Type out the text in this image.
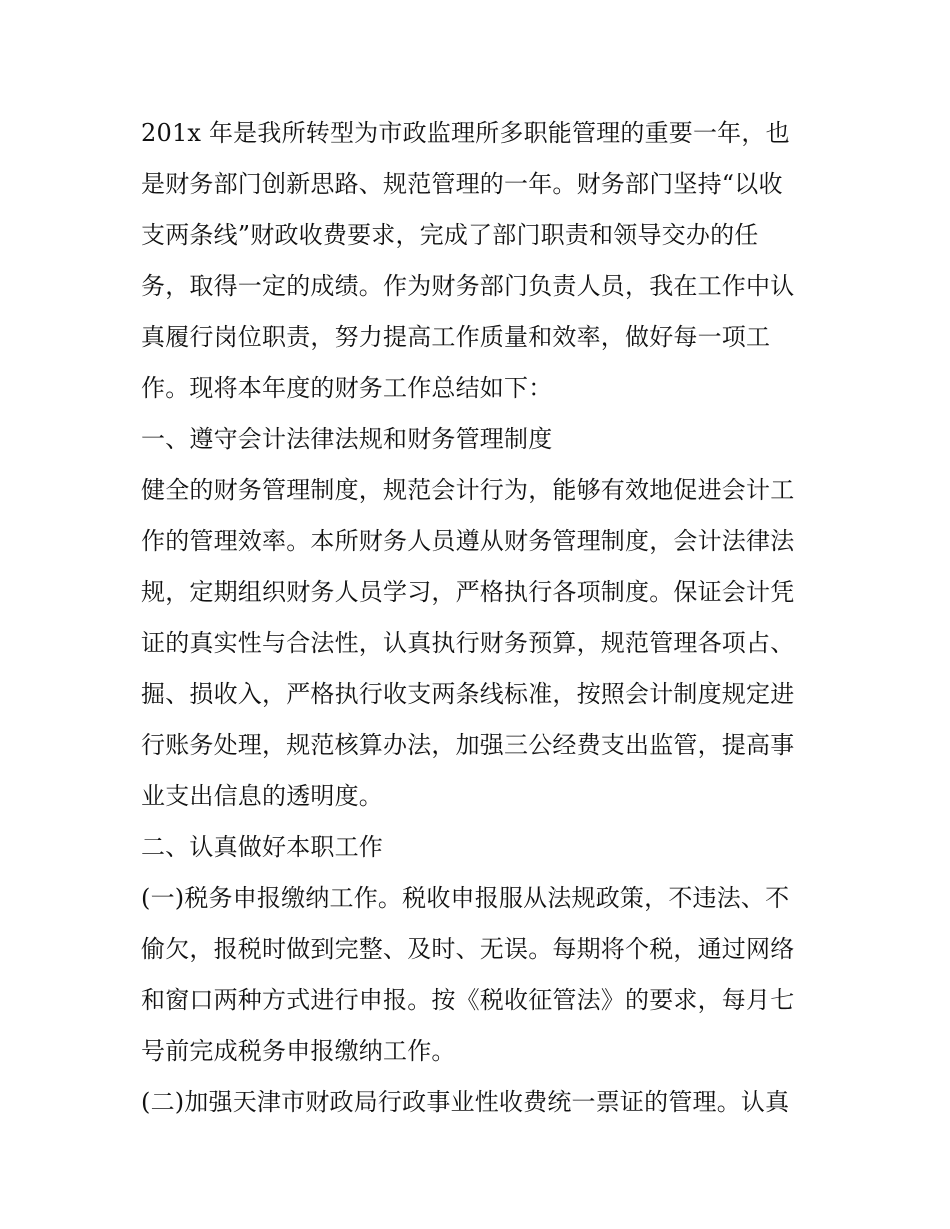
201x 年是我所转型为市政监理所多职能管理的重要一年，也
是财务部门创新思路、规范管理的一年。财务部门坚持“以收
支两条线”财政收费要求，完成了部门职责和领导交办的任
务，取得一定的成绩。作为财务部门负责人员，我在工作中认
真履行岗位职责，努力提高工作质量和效率，做好每一项工
作。现将本年度的财务工作总结如下：
一、遵守会计法律法规和财务管理制度
健全的财务管理制度，规范会计行为，能够有效地促进会计工
作的管理效率。本所财务人员遵从财务管理制度，会计法律法
规，定期组织财务人员学习，严格执行各项制度。保证会计凭
证的真实性与合法性，认真执行财务预算，规范管理各项占、
掘、损收入，严格执行收支两条线标准，按照会计制度规定进
行账务处理，规范核算办法，加强三公经费支出监管，提高事
业支出信息的透明度。
二、认真做好本职工作
(一)税务申报缴纳工作。税收申报服从法规政策，不违法、不
偷欠，报税时做到完整、及时、无误。每期将个税，通过网络
和窗口两种方式进行申报。按《税收征管法》的要求，每月七
号前完成税务申报缴纳工作。
(二)加强天津市财政局行政事业性收费统一票证的管理。认真
